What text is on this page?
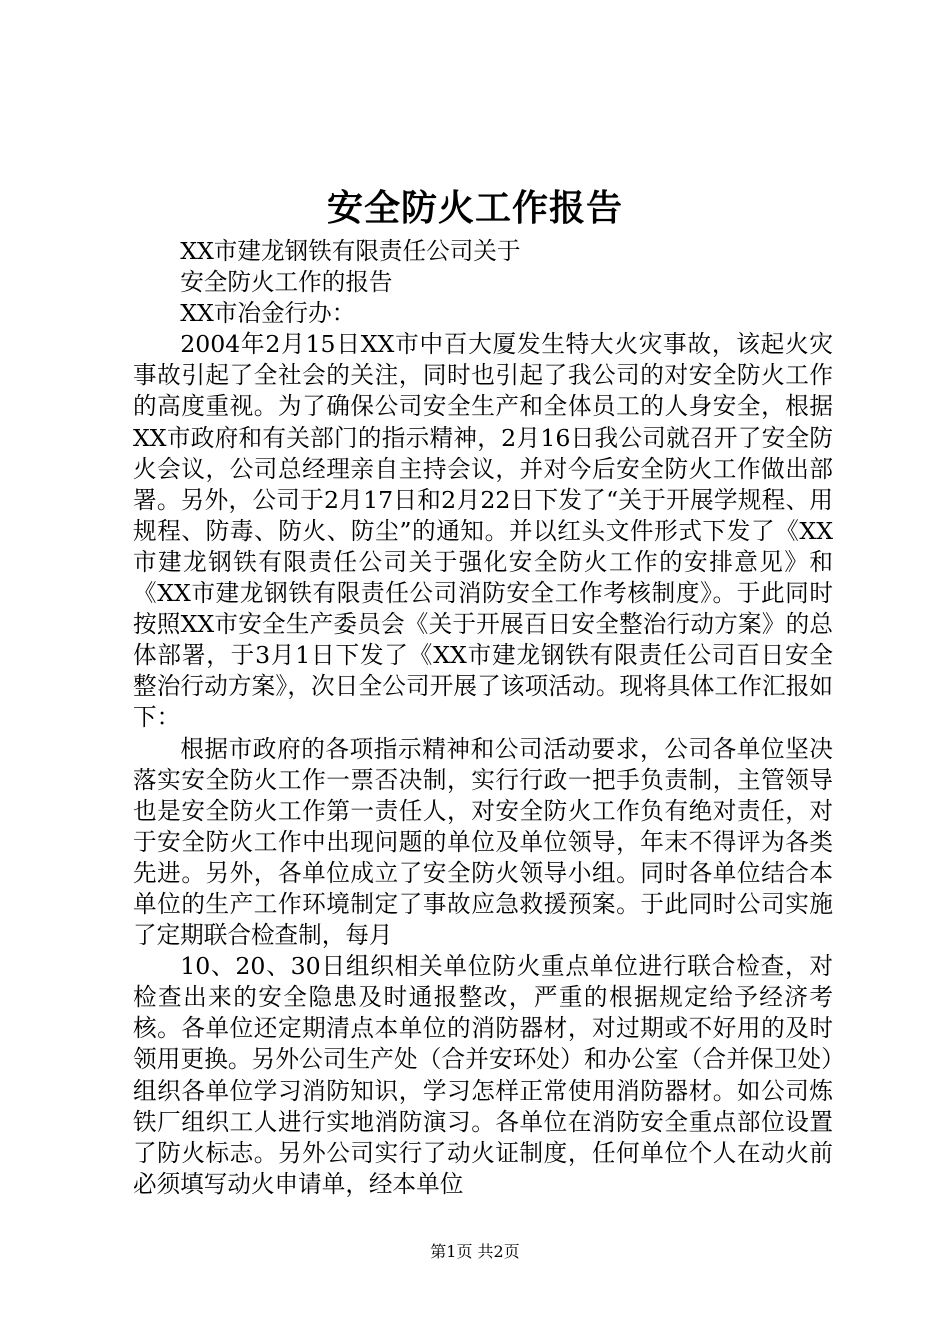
安全防火工作报告

XX市建龙钢铁有限责任公司关于

安全防火工作的报告

XX市冶金行办：

2004年2月15日XX市中百大厦发生特大火灾事故，该起火灾事故引起了全社会的关注，同时也引起了我公司的对安全防火工作的高度重视。为了确保公司安全生产和全体员工的人身安全，根据XX市政府和有关部门的指示精神，2月16日我公司就召开了安全防火会议，公司总经理亲自主持会议，并对今后安全防火工作做出部署。另外，公司于2月17日和2月22日下发了“关于开展学规程、用规程、防毒、防火、防尘”的通知。并以红头文件形式下发了《XX市建龙钢铁有限责任公司关于强化安全防火工作的安排意见》和《XX市建龙钢铁有限责任公司消防安全工作考核制度》。于此同时按照XX市安全生产委员会《关于开展百日安全整治行动方案》的总体部署，于3月1日下发了《XX市建龙钢铁有限责任公司百日安全整治行动方案》，次日全公司开展了该项活动。现将具体工作汇报如下：

根据市政府的各项指示精神和公司活动要求，公司各单位坚决落实安全防火工作一票否决制，实行行政一把手负责制，主管领导也是安全防火工作第一责任人，对安全防火工作负有绝对责任，对于安全防火工作中出现问题的单位及单位领导，年末不得评为各类先进。另外，各单位成立了安全防火领导小组。同时各单位结合本单位的生产工作环境制定了事故应急救援预案。于此同时公司实施了定期联合检查制，每月

10、20、30日组织相关单位防火重点单位进行联合检查，对检查出来的安全隐患及时通报整改，严重的根据规定给予经济考核。各单位还定期清点本单位的消防器材，对过期或不好用的及时领用更换。另外公司生产处（合并安环处）和办公室（合并保卫处）组织各单位学习消防知识，学习怎样正常使用消防器材。如公司炼铁厂组织工人进行实地消防演习。各单位在消防安全重点部位设置了防火标志。另外公司实行了动火证制度，任何单位个人在动火前必须填写动火申请单，经本单位

第1页 共2页
